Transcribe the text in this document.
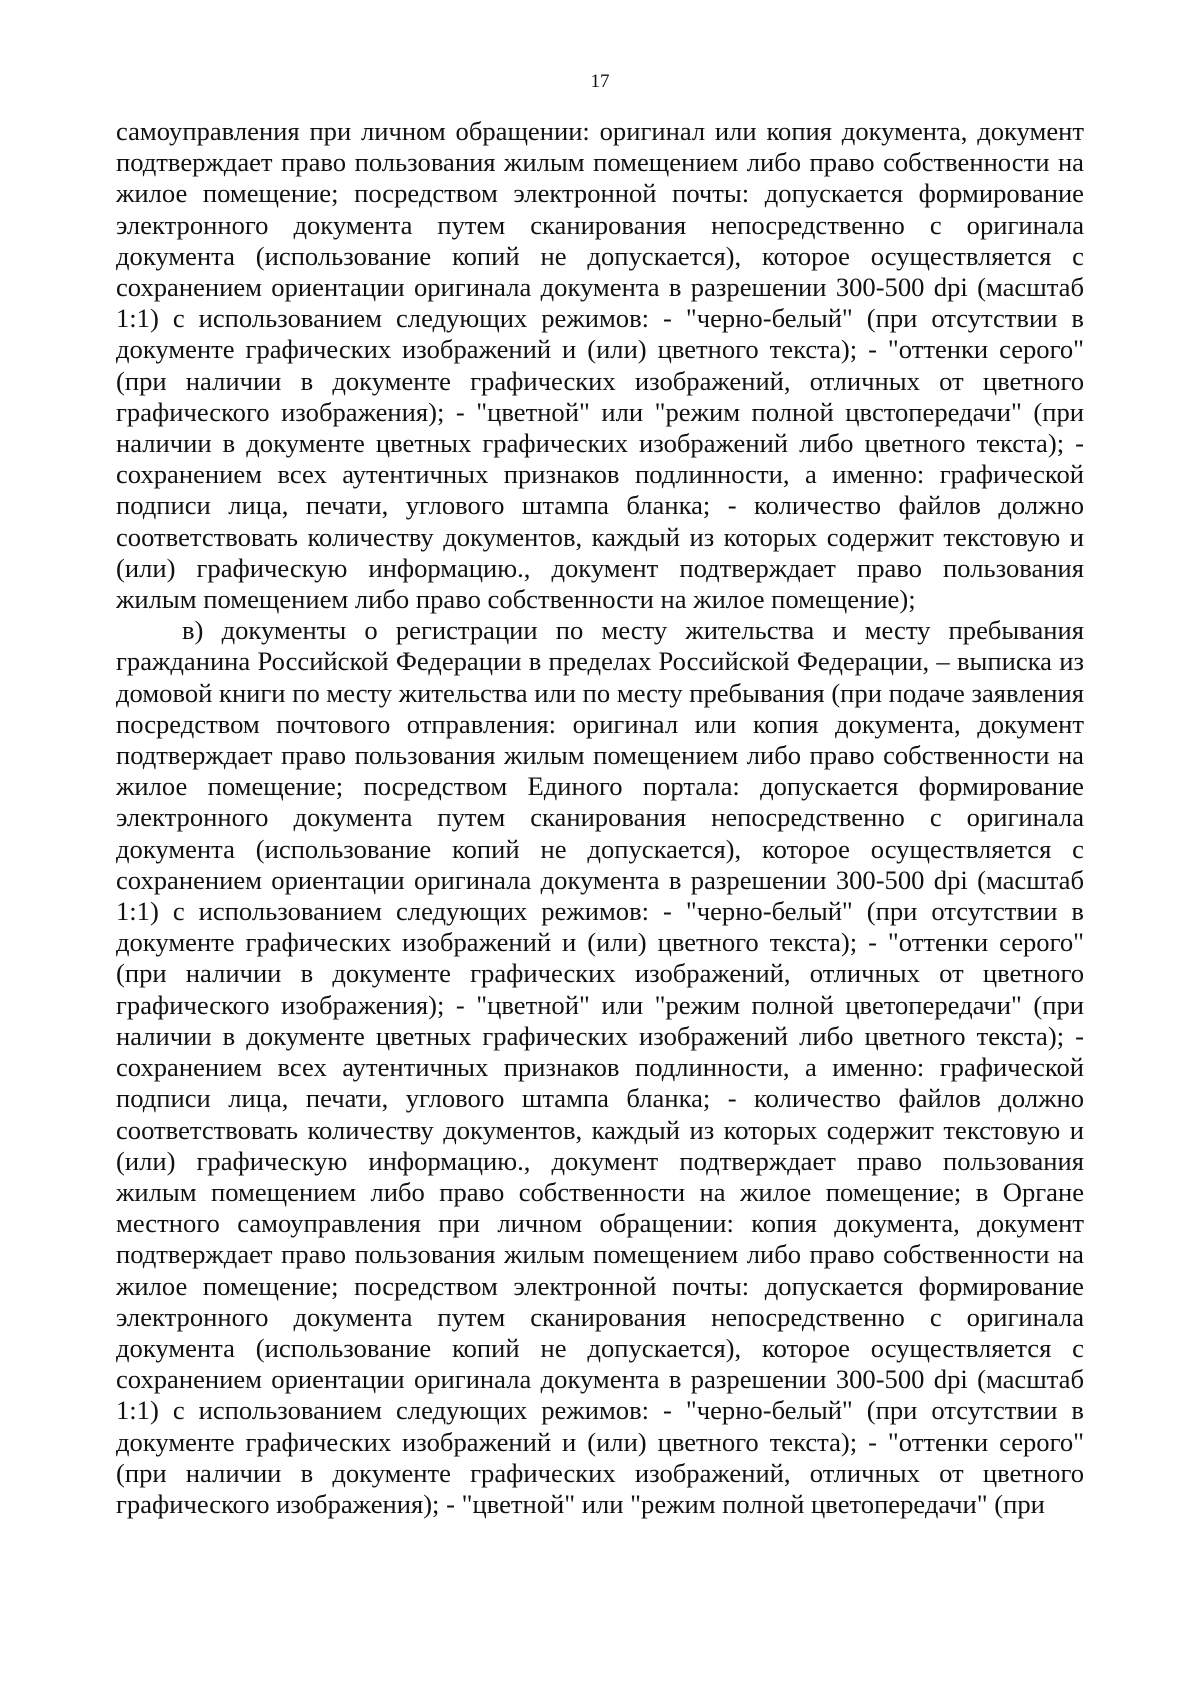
17

самоуправления при личном обращении: оригинал или копия документа, документ подтверждает право пользования жилым помещением либо право собственности на жилое помещение; посредством электронной почты: допускается формирование электронного документа путем сканирования непосредственно с оригинала документа (использование копий не допускается), которое осуществляется с сохранением ориентации оригинала документа в разрешении 300-500 dpi (масштаб 1:1) с использованием следующих режимов: - "черно-белый" (при отсутствии в документе графических изображений и (или) цветного текста); - "оттенки серого" (при наличии в документе графических изображений, отличных от цветного графического изображения); - "цветной" или "режим полной цвстопередачи" (при наличии в документе цветных графических изображений либо цветного текста); - сохранением всех аутентичных признаков подлинности, а именно: графической подписи лица, печати, углового штампа бланка; - количество файлов должно соответствовать количеству документов, каждый из которых содержит текстовую и (или) графическую информацию., документ подтверждает право пользования жилым помещением либо право собственности на жилое помещение);

в) документы о регистрации по месту жительства и месту пребывания гражданина Российской Федерации в пределах Российской Федерации, – выписка из домовой книги по месту жительства или по месту пребывания (при подаче заявления посредством почтового отправления: оригинал или копия документа, документ подтверждает право пользования жилым помещением либо право собственности на жилое помещение; посредством Единого портала: допускается формирование электронного документа путем сканирования непосредственно с оригинала документа (использование копий не допускается), которое осуществляется с сохранением ориентации оригинала документа в разрешении 300-500 dpi (масштаб 1:1) с использованием следующих режимов: - "черно-белый" (при отсутствии в документе графических изображений и (или) цветного текста); - "оттенки серого" (при наличии в документе графических изображений, отличных от цветного графического изображения); - "цветной" или "режим полной цветопередачи" (при наличии в документе цветных графических изображений либо цветного текста); - сохранением всех аутентичных признаков подлинности, а именно: графической подписи лица, печати, углового штампа бланка; - количество файлов должно соответствовать количеству документов, каждый из которых содержит текстовую и (или) графическую информацию., документ подтверждает право пользования жилым помещением либо право собственности на жилое помещение; в Органе местного самоуправления при личном обращении: копия документа, документ подтверждает право пользования жилым помещением либо право собственности на жилое помещение; посредством электронной почты: допускается формирование электронного документа путем сканирования непосредственно с оригинала документа (использование копий не допускается), которое осуществляется с сохранением ориентации оригинала документа в разрешении 300-500 dpi (масштаб 1:1) с использованием следующих режимов: - "черно-белый" (при отсутствии в документе графических изображений и (или) цветного текста); - "оттенки серого" (при наличии в документе графических изображений, отличных от цветного графического изображения); - "цветной" или "режим полной цветопередачи" (при
